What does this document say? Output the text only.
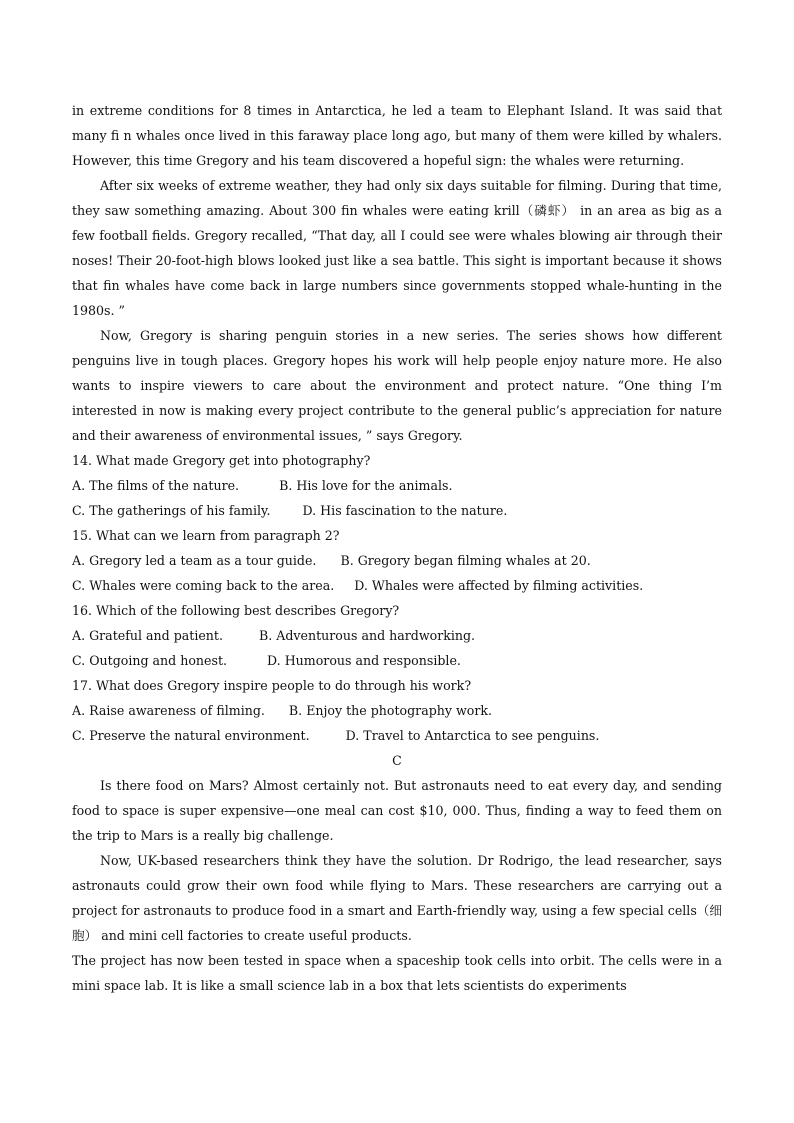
in extreme conditions for 8 times in Antarctica, he led a team to Elephant Island. It was said that many fi n whales once lived in this faraway place long ago, but many of them were killed by whalers. However, this time Gregory and his team discovered a hopeful sign: the whales were returning.

After six weeks of extreme weather, they had only six days suitable for filming. During that time, they saw something amazing. About 300 fin whales were eating krill（磷虾） in an area as big as a few football fields. Gregory recalled, “That day, all I could see were whales blowing air through their noses! Their 20-foot-high blows looked just like a sea battle. This sight is important because it shows that fin whales have come back in large numbers since governments stopped whale-hunting in the 1980s. ”

Now, Gregory is sharing penguin stories in a new series. The series shows how different penguins live in tough places. Gregory hopes his work will help people enjoy nature more. He also wants to inspire viewers to care about the environment and protect nature. “One thing I’m interested in now is making every project contribute to the general public’s appreciation for nature and their awareness of environmental issues, ” says Gregory.

14. What made Gregory get into photography?

A. The films of the nature.          B. His love for the animals.

C. The gatherings of his family.        D. His fascination to the nature.

15. What can we learn from paragraph 2?

A. Gregory led a team as a tour guide.      B. Gregory began filming whales at 20.

C. Whales were coming back to the area.     D. Whales were affected by filming activities.

16. Which of the following best describes Gregory?

A. Grateful and patient.         B. Adventurous and hardworking.

C. Outgoing and honest.          D. Humorous and responsible.

17. What does Gregory inspire people to do through his work?

A. Raise awareness of filming.      B. Enjoy the photography work.

C. Preserve the natural environment.         D. Travel to Antarctica to see penguins.

C

Is there food on Mars? Almost certainly not. But astronauts need to eat every day, and sending food to space is super expensive—one meal can cost $10, 000. Thus, finding a way to feed them on the trip to Mars is a really big challenge.

Now, UK-based researchers think they have the solution. Dr Rodrigo, the lead researcher, says astronauts could grow their own food while flying to Mars. These researchers are carrying out a project for astronauts to produce food in a smart and Earth-friendly way, using a few special cells（细胞） and mini cell factories to create useful products.

The project has now been tested in space when a spaceship took cells into orbit. The cells were in a mini space lab. It is like a small science lab in a box that lets scientists do experiments
